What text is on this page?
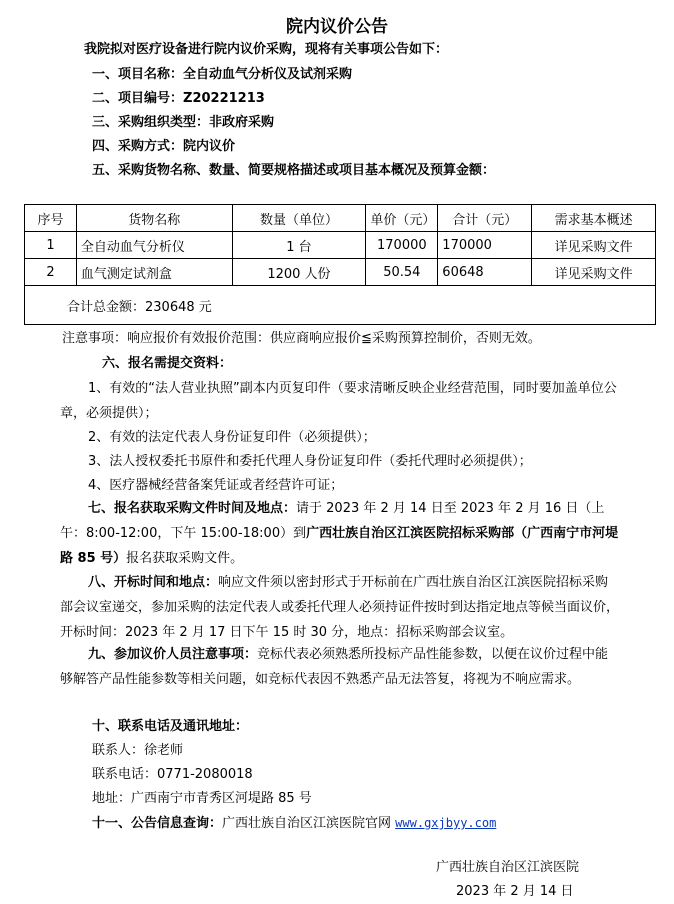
院内议价公告
我院拟对医疗设备进行院内议价采购，现将有关事项公告如下：
一、项目名称：全自动血气分析仪及试剂采购
二、项目编号：Z20221213
三、采购组织类型：非政府采购
四、采购方式：院内议价
五、采购货物名称、数量、简要规格描述或项目基本概况及预算金额：
序号	货物名称	数量（单位）	单价（元）	合计（元）	需求基本概述
1	全自动血气分析仪	1 台	170000	170000	详见采购文件
2	血气测定试剂盒	1200 人份	50.54	60648	详见采购文件
合计总金额：230648 元					
注意事项：响应报价有效报价范围：供应商响应报价≦采购预算控制价，否则无效。
六、报名需提交资料：
1、有效的“法人营业执照”副本内页复印件（要求清晰反映企业经营范围，同时要加盖单位公章，必须提供）；
2、有效的法定代表人身份证复印件（必须提供）；
3、法人授权委托书原件和委托代理人身份证复印件（委托代理时必须提供）；
4、医疗器械经营备案凭证或者经营许可证；
七、报名获取采购文件时间及地点：请于 2023 年 2 月 14 日至 2023 年 2 月 16 日（上午：8:00-12:00，下午 15:00-18:00）到广西壮族自治区江滨医院招标采购部（广西南宁市河堤路 85 号）报名获取采购文件。
八、开标时间和地点：响应文件须以密封形式于开标前在广西壮族自治区江滨医院招标采购部会议室递交，参加采购的法定代表人或委托代理人必须持证件按时到达指定地点等候当面议价，开标时间：2023 年 2 月 17 日下午 15 时 30 分，地点：招标采购部会议室。
九、参加议价人员注意事项：竞标代表必须熟悉所投标产品性能参数，以便在议价过程中能够解答产品性能参数等相关问题，如竞标代表因不熟悉产品无法答复，将视为不响应需求。
十、联系电话及通讯地址：
联系人：徐老师
联系电话：0771-2080018
地址：广西南宁市青秀区河堤路 85 号
十一、公告信息查询：广西壮族自治区江滨医院官网 www.gxjbyy.com
广西壮族自治区江滨医院
2023 年 2 月 14 日
